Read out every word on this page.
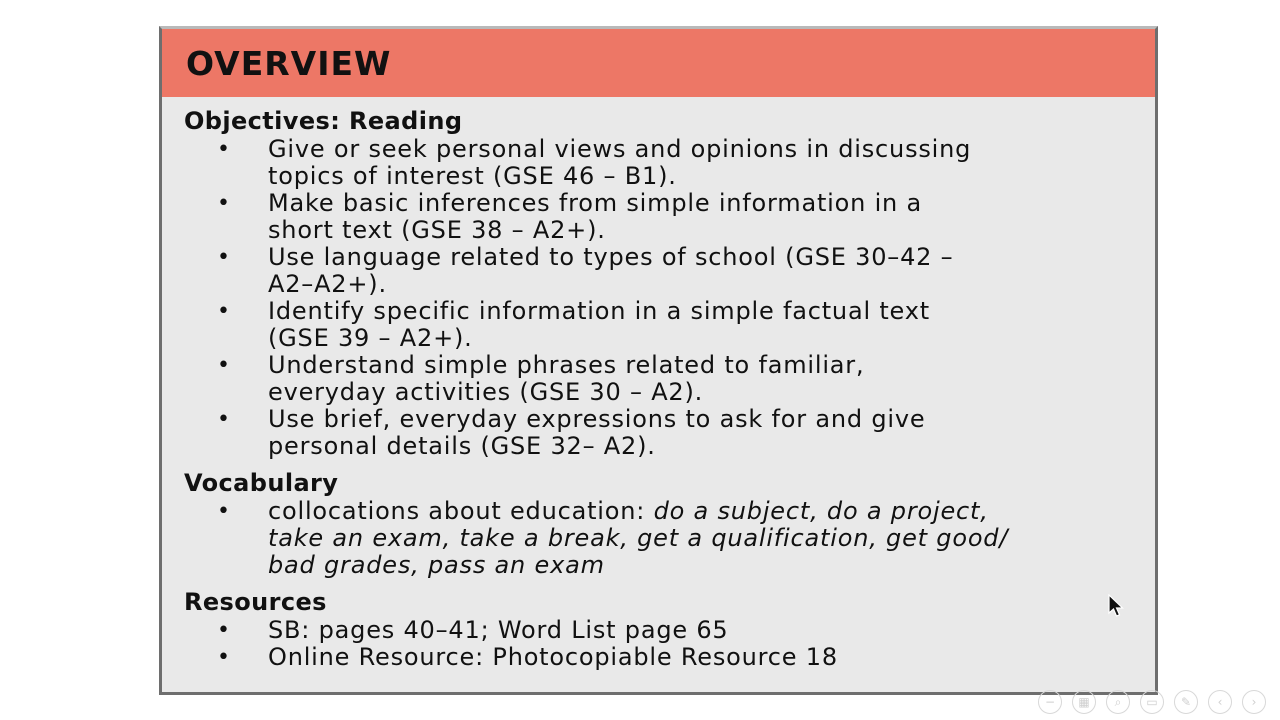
OVERVIEW
Objectives: Reading
• Give or seek personal views and opinions in discussing
topics of interest (GSE 46 – B1).
• Make basic inferences from simple information in a
short text (GSE 38 – A2+).
• Use language related to types of school (GSE 30–42 –
A2–A2+).
• Identify specific information in a simple factual text
(GSE 39 – A2+).
• Understand simple phrases related to familiar,
everyday activities (GSE 30 – A2).
• Use brief, everyday expressions to ask for and give
personal details (GSE 32– A2).
Vocabulary
• collocations about education: do a subject, do a project,
take an exam, take a break, get a qualification, get good/
bad grades, pass an exam
Resources
• SB: pages 40–41; Word List page 65
• Online Resource: Photocopiable Resource 18
−	▦	⌕	▭	✎	‹	›
